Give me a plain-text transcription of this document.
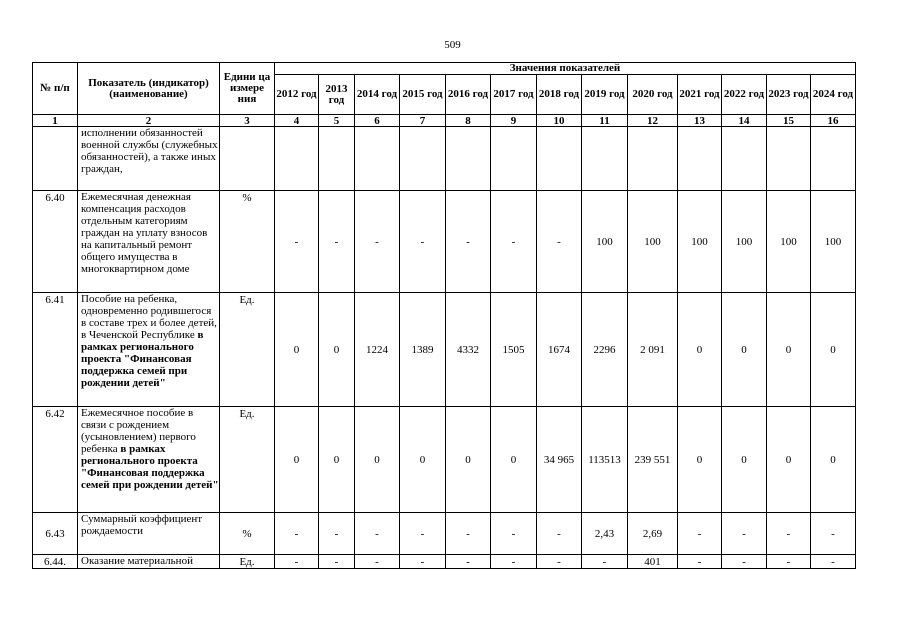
509
№ п/п	Показатель (индикатор) (наименование)	Едини ца измере ния	Значения показателей												
			2012 год	2013 год	2014 год	2015 год	2016 год	2017 год	2018 год	2019 год	2020 год	2021 год	2022 год	2023 год	2024 год
1	2	3	4	5	6	7	8	9	10	11	12	13	14	15	16
	исполнении обязанностей военной службы (служебных обязанностей), а также иных граждан,														
6.40	Ежемесячная денежная компенсация расходов отдельным категориям граждан на уплату взносов на капитальный ремонт общего имущества в многоквартирном доме	%	-	-	-	-	-	-	-	100	100	100	100	100	100
6.41	Пособие на ребенка, одновременно родившегося в составе трех и более детей, в Чеченской Республике в рамках регионального проекта "Финансовая поддержка семей при рождении детей"	Ед.	0	0	1224	1389	4332	1505	1674	2296	2 091	0	0	0	0
6.42	Ежемесячное пособие в связи с рождением (усыновлением) первого ребенка в рамках регионального проекта "Финансовая поддержка семей при рождении детей"	Ед.	0	0	0	0	0	0	34 965	113513	239 551	0	0	0	0
6.43	Суммарный коэффициент рождаемости	%	-	-	-	-	-	-	-	2,43	2,69	-	-	-	-
6.44.	Оказание материальной	Ед.	-	-	-	-	-	-	-	-	401	-	-	-	-
